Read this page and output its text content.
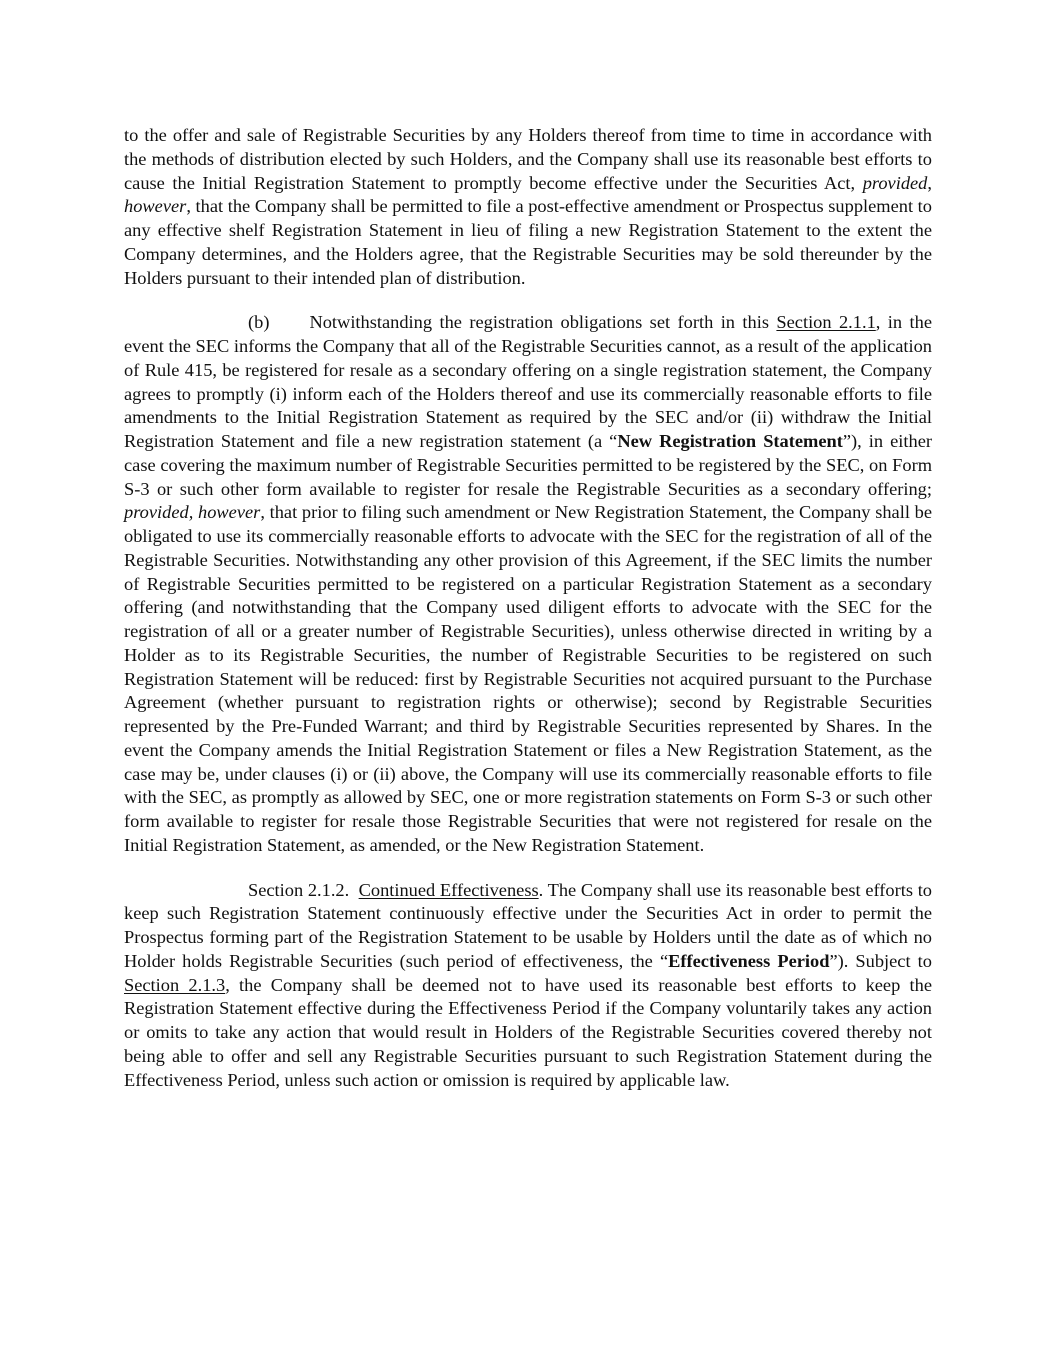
to the offer and sale of Registrable Securities by any Holders thereof from time to time in accordance with the methods of distribution elected by such Holders, and the Company shall use its reasonable best efforts to cause the Initial Registration Statement to promptly become effective under the Securities Act, provided, however, that the Company shall be permitted to file a post-effective amendment or Prospectus supplement to any effective shelf Registration Statement in lieu of filing a new Registration Statement to the extent the Company determines, and the Holders agree, that the Registrable Securities may be sold thereunder by the Holders pursuant to their intended plan of distribution.

(b) Notwithstanding the registration obligations set forth in this Section 2.1.1, in the event the SEC informs the Company that all of the Registrable Securities cannot, as a result of the application of Rule 415, be registered for resale as a secondary offering on a single registration statement, the Company agrees to promptly (i) inform each of the Holders thereof and use its commercially reasonable efforts to file amendments to the Initial Registration Statement as required by the SEC and/or (ii) withdraw the Initial Registration Statement and file a new registration statement (a “New Registration Statement”), in either case covering the maximum number of Registrable Securities permitted to be registered by the SEC, on Form S-3 or such other form available to register for resale the Registrable Securities as a secondary offering; provided, however, that prior to filing such amendment or New Registration Statement, the Company shall be obligated to use its commercially reasonable efforts to advocate with the SEC for the registration of all of the Registrable Securities. Notwithstanding any other provision of this Agreement, if the SEC limits the number of Registrable Securities permitted to be registered on a particular Registration Statement as a secondary offering (and notwithstanding that the Company used diligent efforts to advocate with the SEC for the registration of all or a greater number of Registrable Securities), unless otherwise directed in writing by a Holder as to its Registrable Securities, the number of Registrable Securities to be registered on such Registration Statement will be reduced: first by Registrable Securities not acquired pursuant to the Purchase Agreement (whether pursuant to registration rights or otherwise); second by Registrable Securities represented by the Pre-Funded Warrant; and third by Registrable Securities represented by Shares. In the event the Company amends the Initial Registration Statement or files a New Registration Statement, as the case may be, under clauses (i) or (ii) above, the Company will use its commercially reasonable efforts to file with the SEC, as promptly as allowed by SEC, one or more registration statements on Form S-3 or such other form available to register for resale those Registrable Securities that were not registered for resale on the Initial Registration Statement, as amended, or the New Registration Statement.

Section 2.1.2. Continued Effectiveness. The Company shall use its reasonable best efforts to keep such Registration Statement continuously effective under the Securities Act in order to permit the Prospectus forming part of the Registration Statement to be usable by Holders until the date as of which no Holder holds Registrable Securities (such period of effectiveness, the “Effectiveness Period”). Subject to Section 2.1.3, the Company shall be deemed not to have used its reasonable best efforts to keep the Registration Statement effective during the Effectiveness Period if the Company voluntarily takes any action or omits to take any action that would result in Holders of the Registrable Securities covered thereby not being able to offer and sell any Registrable Securities pursuant to such Registration Statement during the Effectiveness Period, unless such action or omission is required by applicable law.
